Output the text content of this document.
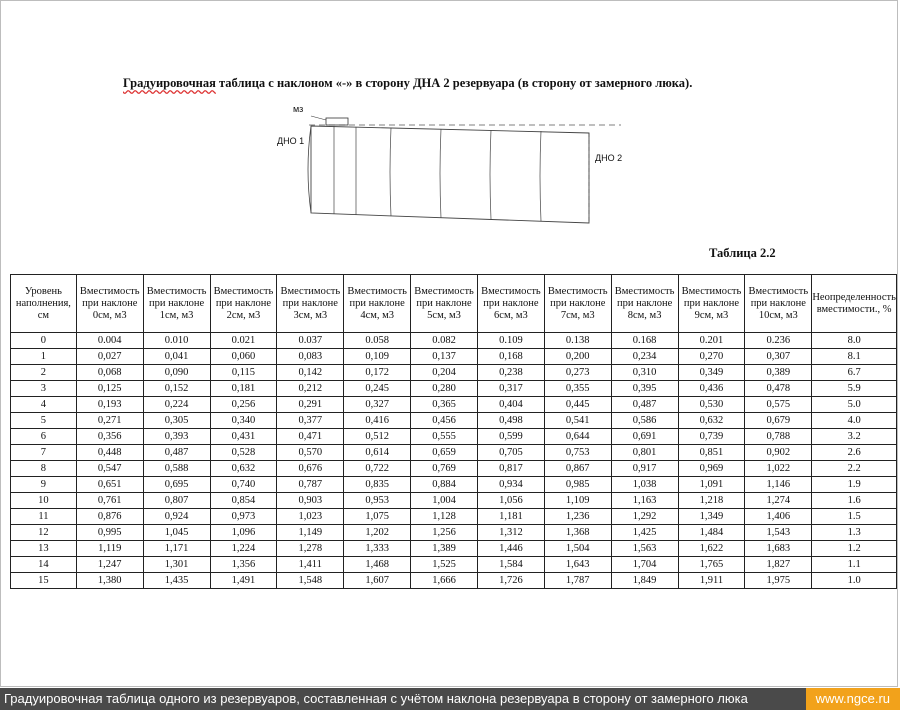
Градуировочная таблица с наклоном «-» в сторону ДНА 2 резервуара (в сторону от замерного люка).
мз
ДНО 1
ДНО 2
Таблица 2.2
Уровень наполнения, см	Вместимость при наклоне 0см, м3	Вместимость при наклоне 1см, м3	Вместимость при наклоне 2см, м3	Вместимость при наклоне 3см, м3	Вместимость при наклоне 4см, м3	Вместимость при наклоне 5см, м3	Вместимость при наклоне 6см, м3	Вместимость при наклоне 7см, м3	Вместимость при наклоне 8см, м3	Вместимость при наклоне 9см, м3	Вместимость при наклоне 10см, м3	Неопределенность вместимости., %
0	0.004	0.010	0.021	0.037	0.058	0.082	0.109	0.138	0.168	0.201	0.236	8.0
1	0,027	0,041	0,060	0,083	0,109	0,137	0,168	0,200	0,234	0,270	0,307	8.1
2	0,068	0,090	0,115	0,142	0,172	0,204	0,238	0,273	0,310	0,349	0,389	6.7
3	0,125	0,152	0,181	0,212	0,245	0,280	0,317	0,355	0,395	0,436	0,478	5.9
4	0,193	0,224	0,256	0,291	0,327	0,365	0,404	0,445	0,487	0,530	0,575	5.0
5	0,271	0,305	0,340	0,377	0,416	0,456	0,498	0,541	0,586	0,632	0,679	4.0
6	0,356	0,393	0,431	0,471	0,512	0,555	0,599	0,644	0,691	0,739	0,788	3.2
7	0,448	0,487	0,528	0,570	0,614	0,659	0,705	0,753	0,801	0,851	0,902	2.6
8	0,547	0,588	0,632	0,676	0,722	0,769	0,817	0,867	0,917	0,969	1,022	2.2
9	0,651	0,695	0,740	0,787	0,835	0,884	0,934	0,985	1,038	1,091	1,146	1.9
10	0,761	0,807	0,854	0,903	0,953	1,004	1,056	1,109	1,163	1,218	1,274	1.6
11	0,876	0,924	0,973	1,023	1,075	1,128	1,181	1,236	1,292	1,349	1,406	1.5
12	0,995	1,045	1,096	1,149	1,202	1,256	1,312	1,368	1,425	1,484	1,543	1.3
13	1,119	1,171	1,224	1,278	1,333	1,389	1,446	1,504	1,563	1,622	1,683	1.2
14	1,247	1,301	1,356	1,411	1,468	1,525	1,584	1,643	1,704	1,765	1,827	1.1
15	1,380	1,435	1,491	1,548	1,607	1,666	1,726	1,787	1,849	1,911	1,975	1.0
Градуировочная таблица одного из резервуаров, составленная с учётом наклона резервуара в сторону от замерного люка	www.ngce.ru
